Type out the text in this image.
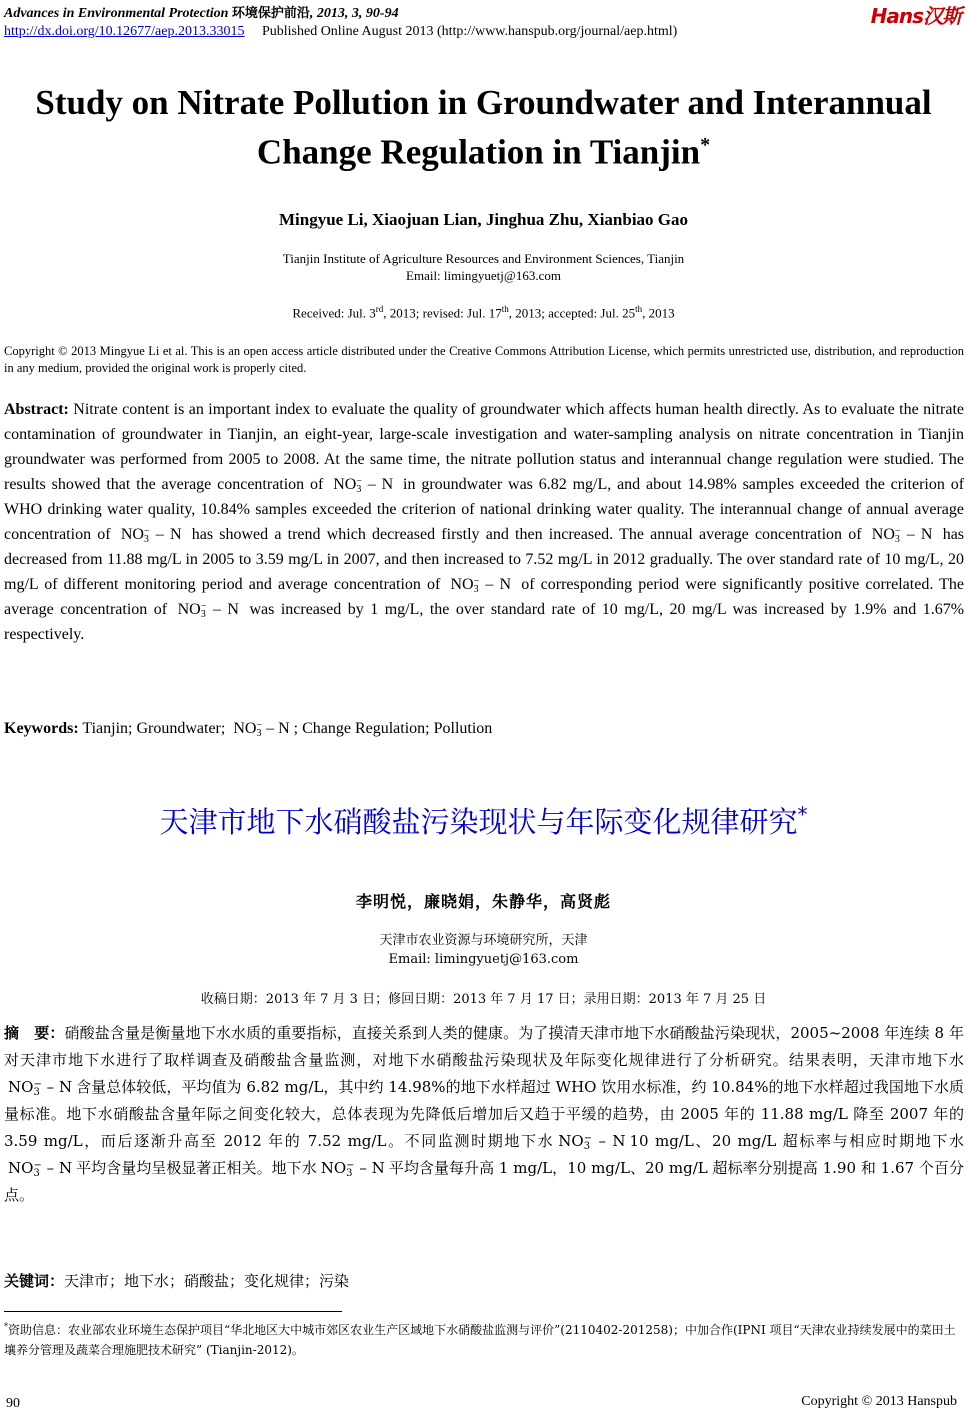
Advances in Environmental Protection 环境保护前沿, 2013, 3, 90-94
http://dx.doi.org/10.12677/aep.2013.33015 Published Online August 2013 (http://www.hanspub.org/journal/aep.html)
Hans汉斯
Study on Nitrate Pollution in Groundwater and Interannual Change Regulation in Tianjin*
Mingyue Li, Xiaojuan Lian, Jinghua Zhu, Xianbiao Gao
Tianjin Institute of Agriculture Resources and Environment Sciences, Tianjin
Email: limingyuetj@163.com
Received: Jul. 3rd, 2013; revised: Jul. 17th, 2013; accepted: Jul. 25th, 2013
Copyright © 2013 Mingyue Li et al. This is an open access article distributed under the Creative Commons Attribution License, which permits unrestricted use, distribution, and reproduction in any medium, provided the original work is properly cited.
Abstract: Nitrate content is an important index to evaluate the quality of groundwater which affects human health directly. As to evaluate the nitrate contamination of groundwater in Tianjin, an eight-year, large-scale investigation and water-sampling analysis on nitrate concentration in Tianjin groundwater was performed from 2005 to 2008. At the same time, the nitrate pollution status and interannual change regulation were studied. The results showed that the average concentration of NO−
3 – N in groundwater was 6.82 mg/L, and about 14.98% samples exceeded the criterion of WHO drinking water quality, 10.84% samples exceeded the criterion of national drinking water quality. The interannual change of annual average concentration of NO−
3 – N has showed a trend which decreased firstly and then increased. The annual average concentration of NO−
3 – N has decreased from 11.88 mg/L in 2005 to 3.59 mg/L in 2007, and then increased to 7.52 mg/L in 2012 gradually. The over standard rate of 10 mg/L, 20 mg/L of different monitoring period and average concentration of NO−
3 – N of corresponding period were significantly positive correlated. The average concentration of NO−
3 – N was increased by 1 mg/L, the over standard rate of 10 mg/L, 20 mg/L was increased by 1.9% and 1.67% respectively.
Keywords: Tianjin; Groundwater; NO−
3 – N ; Change Regulation; Pollution
天津市地下水硝酸盐污染现状与年际变化规律研究*
李明悦，廉晓娟，朱静华，高贤彪
天津市农业资源与环境研究所，天津
Email: limingyuetj@163.com
收稿日期：2013 年 7 月 3 日；修回日期：2013 年 7 月 17 日；录用日期：2013 年 7 月 25 日
摘　要：硝酸盐含量是衡量地下水水质的重要指标，直接关系到人类的健康。为了摸清天津市地下水硝酸盐污染现状，2005~2008 年连续 8 年对天津市地下水进行了取样调查及硝酸盐含量监测，对地下水硝酸盐污染现状及年际变化规律进行了分析研究。结果表明，天津市地下水NO−
3 – N 含量总体较低，平均值为 6.82 mg/L，其中约 14.98%的地下水样超过 WHO 饮用水标准，约 10.84%的地下水样超过我国地下水质量标准。地下水硝酸盐含量年际之间变化较大，总体表现为先降低后增加后又趋于平缓的趋势，由 2005 年的 11.88 mg/L 降至 2007 年的 3.59 mg/L，而后逐渐升高至 2012 年的 7.52 mg/L。不同监测时期地下水 NO−
3 – N 10 mg/L、20 mg/L 超标率与相应时期地下水NO−
3 – N 平均含量均呈极显著正相关。地下水 NO−
3 – N 平均含量每升高 1 mg/L，10 mg/L、20 mg/L 超标率分别提高 1.90 和 1.67 个百分点。
关键词：天津市；地下水；硝酸盐；变化规律；污染
*资助信息：农业部农业环境生态保护项目“华北地区大中城市郊区农业生产区域地下水硝酸盐监测与评价”(2110402-201258)；中加合作(IPNI 项目“天津农业持续发展中的菜田土壤养分管理及蔬菜合理施肥技术研究” (Tianjin-2012)。
90	Copyright © 2013 Hanspub
